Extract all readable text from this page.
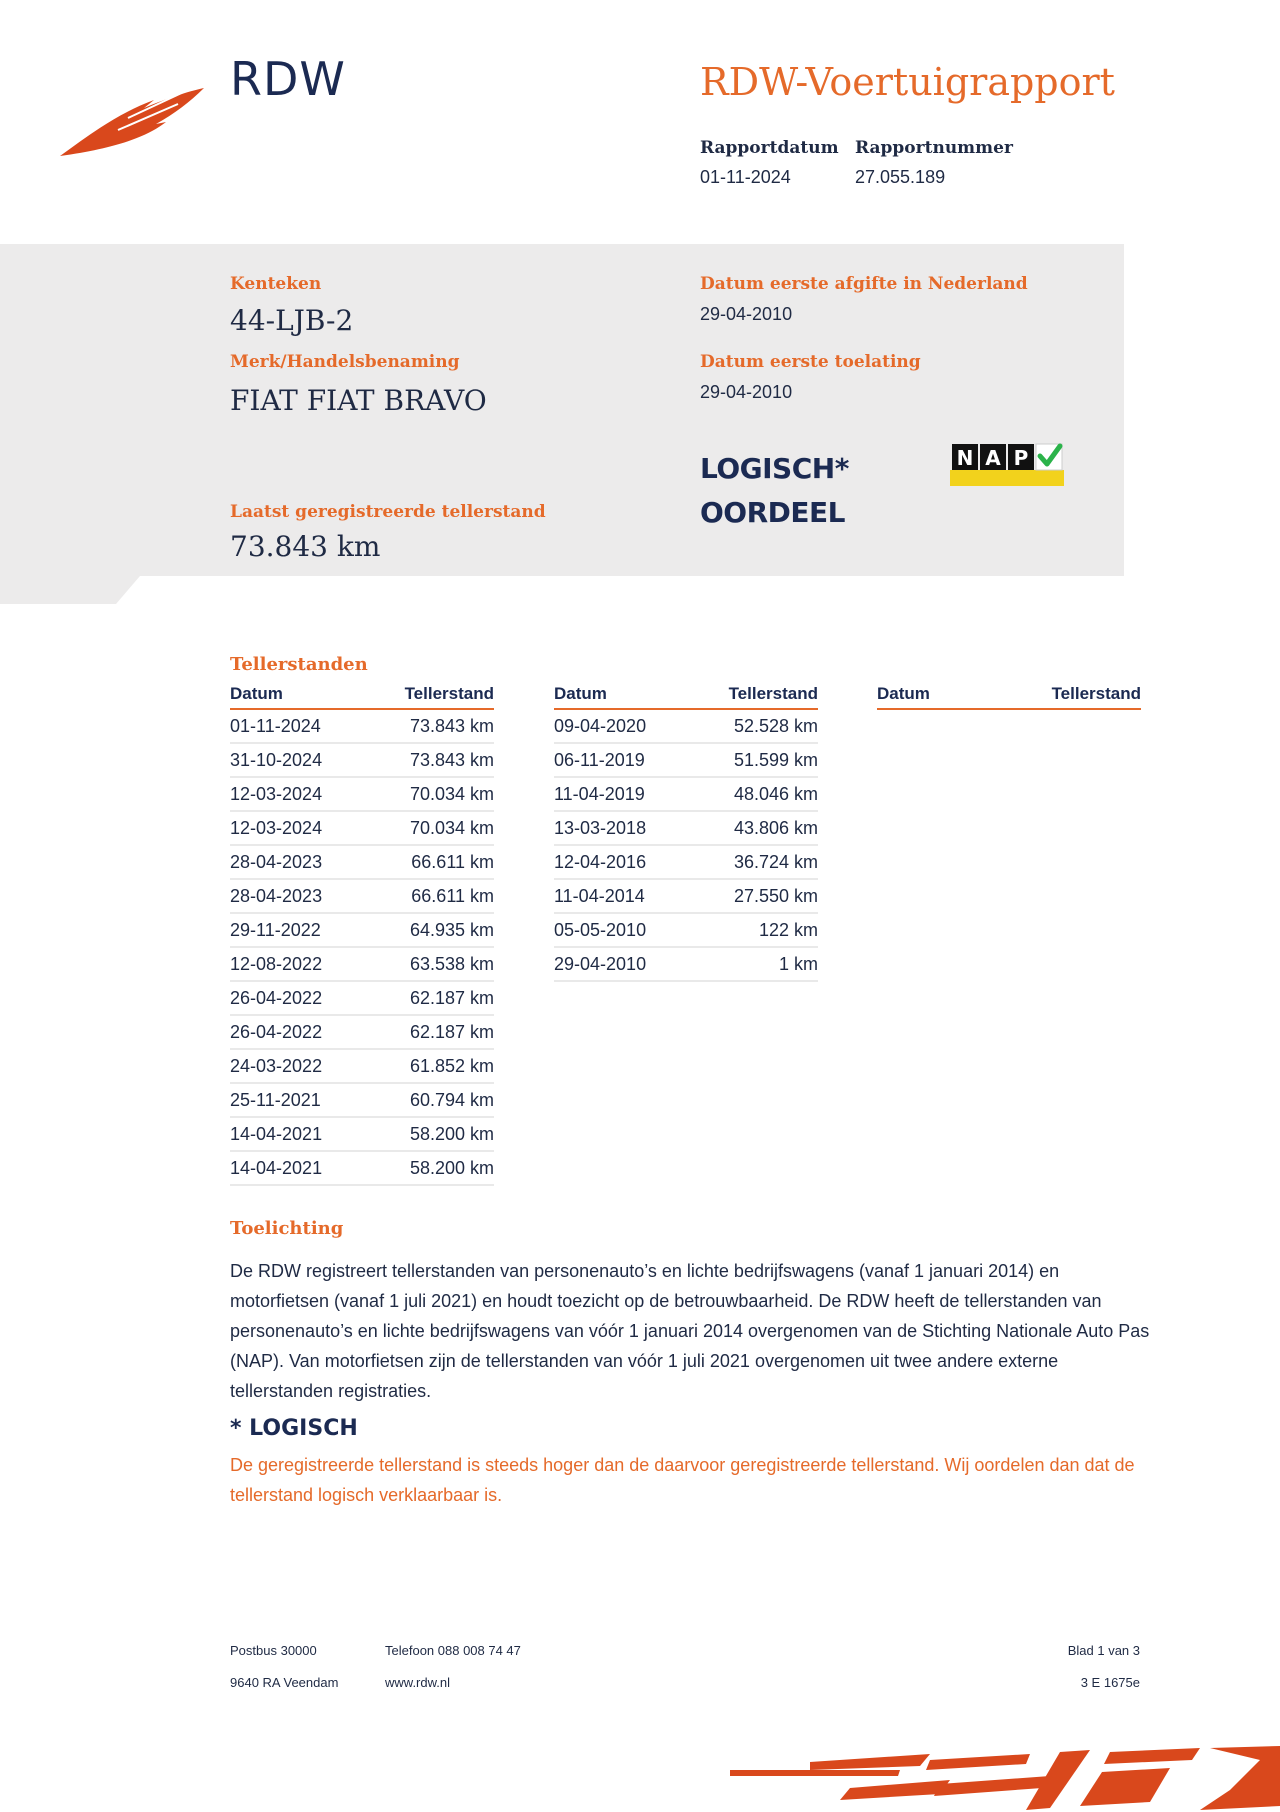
RDW	RDW-Voertuigrapport
Rapportdatum
01-11-2024
Rapportnummer
27.055.189
Kenteken
44-LJB-2
Merk/Handelsbenaming
FIAT FIAT BRAVO
Datum eerste afgifte in Nederland
29-04-2010
Datum eerste toelating
29-04-2010
Laatst geregistreerde tellerstand
73.843 km
LOGISCH*
OORDEEL
N A P
Tellerstanden
Datum	Tellerstand
01-11-2024	73.843 km
31-10-2024	73.843 km
12-03-2024	70.034 km
12-03-2024	70.034 km
28-04-2023	66.611 km
28-04-2023	66.611 km
29-11-2022	64.935 km
12-08-2022	63.538 km
26-04-2022	62.187 km
26-04-2022	62.187 km
24-03-2022	61.852 km
25-11-2021	60.794 km
14-04-2021	58.200 km
14-04-2021	58.200 km
Datum	Tellerstand
09-04-2020	52.528 km
06-11-2019	51.599 km
11-04-2019	48.046 km
13-03-2018	43.806 km
12-04-2016	36.724 km
11-04-2014	27.550 km
05-05-2010	122 km
29-04-2010	1 km
Datum	Tellerstand
Toelichting
De RDW registreert tellerstanden van personenauto’s en lichte bedrijfswagens (vanaf 1 januari 2014) en motorfietsen (vanaf 1 juli 2021) en houdt toezicht op de betrouwbaarheid. De RDW heeft de tellerstanden van personenauto’s en lichte bedrijfswagens van vóór 1 januari 2014 overgenomen van de Stichting Nationale Auto Pas (NAP). Van motorfietsen zijn de tellerstanden van vóór 1 juli 2021 overgenomen uit twee andere externe tellerstanden registraties.
* LOGISCH
De geregistreerde tellerstand is steeds hoger dan de daarvoor geregistreerde tellerstand. Wij oordelen dan dat de tellerstand logisch verklaarbaar is.
Postbus 30000
9640 RA Veendam
Telefoon 088 008 74 47
www.rdw.nl
Blad 1 van 3
3 E 1675e
